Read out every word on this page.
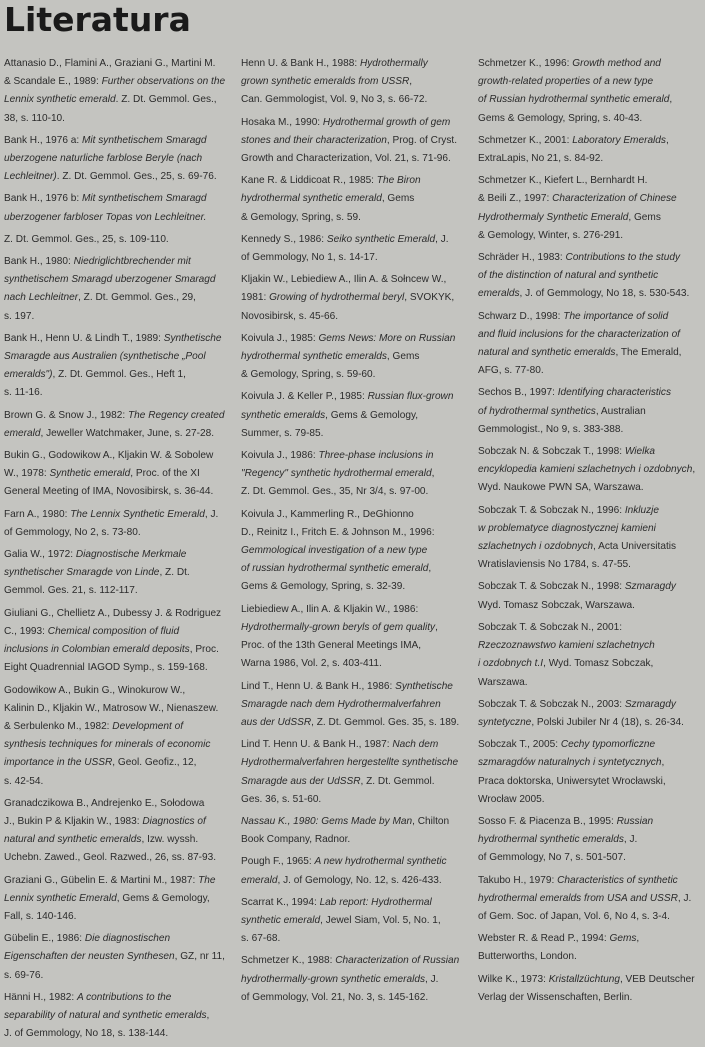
Literatura
Attanasio D., Flamini A., Graziani G., Martini M.
& Scandale E., 1989: Further observations on the
Lennix synthetic emerald. Z. Dt. Gemmol. Ges.,
38, s. 110-10.
Bank H., 1976 a: Mit synthetischem Smaragd
uberzogene naturliche farblose Beryle (nach
Lechleitner). Z. Dt. Gemmol. Ges., 25, s. 69-76.
Bank H., 1976 b: Mit synthetischem Smaragd
uberzogener farbloser Topas von Lechleitner.
Z. Dt. Gemmol. Ges., 25, s. 109-110.
Bank H., 1980: Niedriglichtbrechender mit
synthetischem Smaragd uberzogener Smaragd
nach Lechleitner, Z. Dt. Gemmol. Ges., 29,
s. 197.
Bank H., Henn U. & Lindh T., 1989: Synthetische
Smaragde aus Australien (synthetische „Pool
emeralds"), Z. Dt. Gemmol. Ges., Heft 1,
s. 11-16.
Brown G. & Snow J., 1982: The Regency created
emerald, Jeweller Watchmaker, June, s. 27-28.
Bukin G., Godowikow A., Kljakin W. & Sobolew
W., 1978: Synthetic emerald, Proc. of the XI
General Meeting of IMA, Novosibirsk, s. 36-44.
Farn A., 1980: The Lennix Synthetic Emerald, J.
of Gemmology, No 2, s. 73-80.
Galia W., 1972: Diagnostische Merkmale
synthetischer Smaragde von Linde, Z. Dt.
Gemmol. Ges. 21, s. 112-117.
Giuliani G., Chellietz A., Dubessy J. & Rodriguez
C., 1993: Chemical composition of fluid
inclusions in Colombian emerald deposits, Proc.
Eight Quadrennial IAGOD Symp., s. 159-168.
Godowikow A., Bukin G., Winokurow W.,
Kalinin D., Kljakin W., Matrosow W., Nienaszew.
& Serbulenko M., 1982: Development of
synthesis techniques for minerals of economic
importance in the USSR, Geol. Geofiz., 12,
s. 42-54.
Granadczikowa B., Andrejenko E., Sołodowa
J., Bukin P & Kljakin W., 1983: Diagnostics of
natural and synthetic emeralds, Izw. wyssh.
Uchebn. Zawed., Geol. Razwed., 26, ss. 87-93.
Graziani G., Gübelin E. & Martini M., 1987: The
Lennix synthetic Emerald, Gems & Gemology,
Fall, s. 140-146.
Gübelin E., 1986: Die diagnostischen
Eigenschaften der neusten Synthesen, GZ, nr 11,
s. 69-76.
Hänni H., 1982: A contributions to the
separability of natural and synthetic emeralds,
J. of Gemmology, No 18, s. 138-144.
Henn U. & Bank H., 1988: Hydrothermally
grown synthetic emeralds from USSR,
Can. Gemmologist, Vol. 9, No 3, s. 66-72.
Hosaka M., 1990: Hydrothermal growth of gem
stones and their characterization, Prog. of Cryst.
Growth and Characterization, Vol. 21, s. 71-96.
Kane R. & Liddicoat R., 1985: The Biron
hydrothermal synthetic emerald, Gems
& Gemology, Spring, s. 59.
Kennedy S., 1986: Seiko synthetic Emerald, J.
of Gemmology, No 1, s. 14-17.
Kljakin W., Lebiediew A., Ilin A. & Sołncew W.,
1981: Growing of hydrothermal beryl, SVOKYK,
Novosibirsk, s. 45-66.
Koivula J., 1985: Gems News: More on Russian
hydrothermal synthetic emeralds, Gems
& Gemology, Spring, s. 59-60.
Koivula J. & Keller P., 1985: Russian flux-grown
synthetic emeralds, Gems & Gemology,
Summer, s. 79-85.
Koivula J., 1986: Three-phase inclusions in
"Regency" synthetic hydrothermal emerald,
Z. Dt. Gemmol. Ges., 35, Nr 3/4, s. 97-00.
Koivula J., Kammerling R., DeGhionno
D., Reinitz I., Fritch E. & Johnson M., 1996:
Gemmological investigation of a new type
of russian hydrothermal synthetic emerald,
Gems & Gemology, Spring, s. 32-39.
Liebiediew A., Ilin A. & Kljakin W., 1986:
Hydrothermally-grown beryls of gem quality,
Proc. of the 13th General Meetings IMA,
Warna 1986, Vol. 2, s. 403-411.
Lind T., Henn U. & Bank H., 1986: Synthetische
Smaragde nach dem Hydrothermalverfahren
aus der UdSSR, Z. Dt. Gemmol. Ges. 35, s. 189.
Lind T. Henn U. & Bank H., 1987: Nach dem
Hydrothermalverfahren hergestellte synthetische
Smaragde aus der UdSSR, Z. Dt. Gemmol.
Ges. 36, s. 51-60.
Nassau K., 1980: Gems Made by Man, Chilton
Book Company, Radnor.
Pough F., 1965: A new hydrothermal synthetic
emerald, J. of Gemology, No. 12, s. 426-433.
Scarrat K., 1994: Lab report: Hydrothermal
synthetic emerald, Jewel Siam, Vol. 5, No. 1,
s. 67-68.
Schmetzer K., 1988: Characterization of Russian
hydrothermally-grown synthetic emeralds, J.
of Gemmology, Vol. 21, No. 3, s. 145-162.
Schmetzer K., 1996: Growth method and
growth-related properties of a new type
of Russian hydrothermal synthetic emerald,
Gems & Gemology, Spring, s. 40-43.
Schmetzer K., 2001: Laboratory Emeralds,
ExtraLapis, No 21, s. 84-92.
Schmetzer K., Kiefert L., Bernhardt H.
& Beili Z., 1997: Characterization of Chinese
Hydrothermaly Synthetic Emerald, Gems
& Gemology, Winter, s. 276-291.
Schräder H., 1983: Contributions to the study
of the distinction of natural and synthetic
emeralds, J. of Gemmology, No 18, s. 530-543.
Schwarz D., 1998: The importance of solid
and fluid inclusions for the characterization of
natural and synthetic emeralds, The Emerald,
AFG, s. 77-80.
Sechos B., 1997: Identifying characteristics
of hydrothermal synthetics, Australian
Gemmologist., No 9, s. 383-388.
Sobczak N. & Sobczak T., 1998: Wielka
encyklopedia kamieni szlachetnych i ozdobnych,
Wyd. Naukowe PWN SA, Warszawa.
Sobczak T. & Sobczak N., 1996: Inkluzje
w problematyce diagnostycznej kamieni
szlachetnych i ozdobnych, Acta Universitatis
Wratislaviensis No 1784, s. 47-55.
Sobczak T. & Sobczak N., 1998: Szmaragdy
Wyd. Tomasz Sobczak, Warszawa.
Sobczak T. & Sobczak N., 2001:
Rzeczoznawstwo kamieni szlachetnych
i ozdobnych t.I, Wyd. Tomasz Sobczak,
Warszawa.
Sobczak T. & Sobczak N., 2003: Szmaragdy
syntetyczne, Polski Jubiler Nr 4 (18), s. 26-34.
Sobczak T., 2005: Cechy typomorficzne
szmaragdów naturalnych i syntetycznych,
Praca doktorska, Uniwersytet Wrocławski,
Wrocław 2005.
Sosso F. & Piacenza B., 1995: Russian
hydrothermal synthetic emeralds, J.
of Gemmology, No 7, s. 501-507.
Takubo H., 1979: Characteristics of synthetic
hydrothermal emeralds from USA and USSR, J.
of Gem. Soc. of Japan, Vol. 6, No 4, s. 3-4.
Webster R. & Read P., 1994: Gems,
Butterworths, London.
Wilke K., 1973: Kristallzüchtung, VEB Deutscher
Verlag der Wissenschaften, Berlin.
